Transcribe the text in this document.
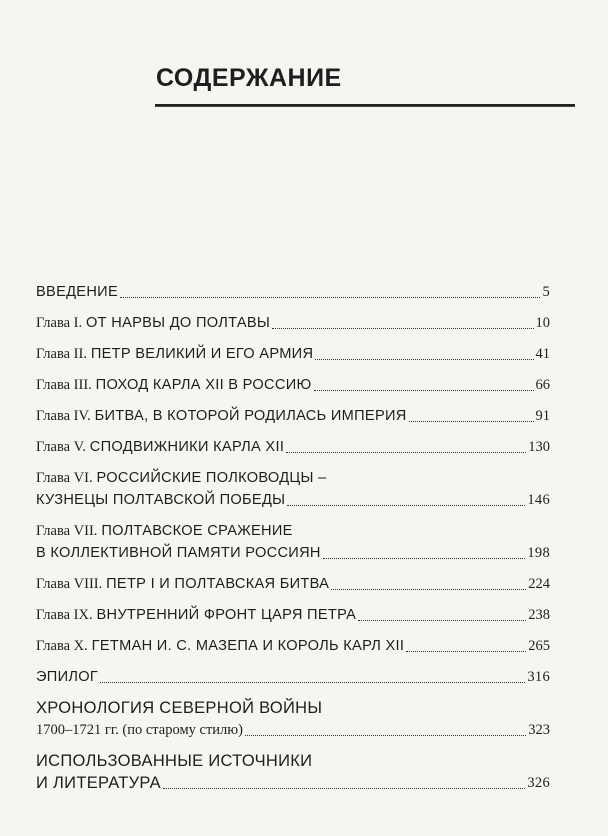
СОДЕРЖАНИЕ
ВВЕДЕНИЕ	5
Глава I. ОТ НАРВЫ ДО ПОЛТАВЫ	10
Глава II. ПЕТР ВЕЛИКИЙ И ЕГО АРМИЯ	41
Глава III. ПОХОД КАРЛА XII В РОССИЮ	66
Глава IV. БИТВА, В КОТОРОЙ РОДИЛАСЬ ИМПЕРИЯ	91
Глава V. СПОДВИЖНИКИ КАРЛА XII	130
Глава VI. РОССИЙСКИЕ ПОЛКОВОДЦЫ –
КУЗНЕЦЫ ПОЛТАВСКОЙ ПОБЕДЫ	146
Глава VII. ПОЛТАВСКОЕ СРАЖЕНИЕ
В КОЛЛЕКТИВНОЙ ПАМЯТИ РОССИЯН	198
Глава VIII. ПЕТР I И ПОЛТАВСКАЯ БИТВА	224
Глава IX. ВНУТРЕННИЙ ФРОНТ ЦАРЯ ПЕТРА	238
Глава X. ГЕТМАН И. С. МАЗЕПА И КОРОЛЬ КАРЛ XII	265
ЭПИЛОГ	316
ХРОНОЛОГИЯ СЕВЕРНОЙ ВОЙНЫ
1700–1721 гг. (по старому стилю)	323
ИСПОЛЬЗОВАННЫЕ ИСТОЧНИКИ
И ЛИТЕРАТУРА	326
